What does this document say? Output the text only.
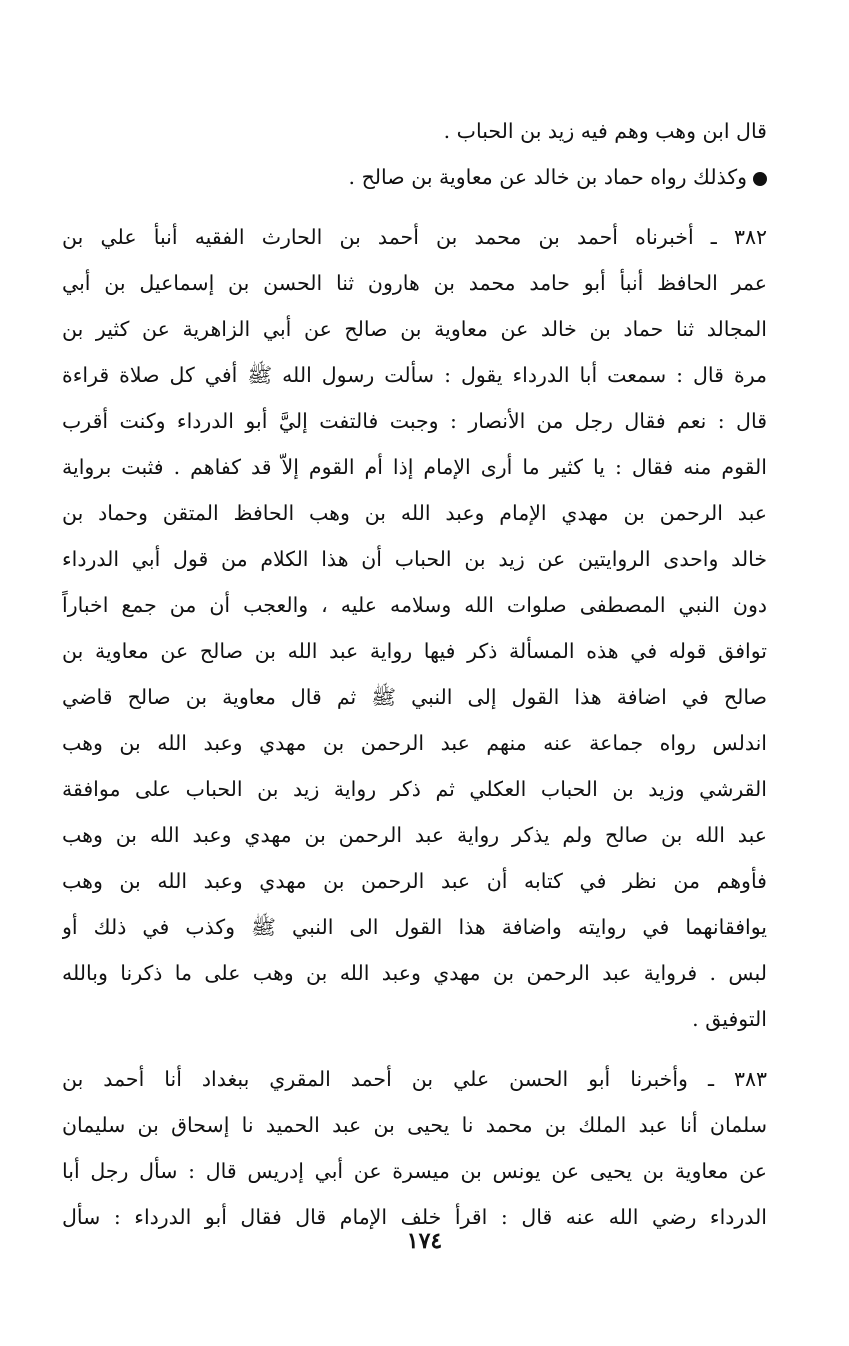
قال ابن وهب وهم فيه زيد بن الحباب .
وكذلك رواه حماد بن خالد عن معاوية بن صالح .
٣٨٢ ـ أخبرناه أحمد بن محمد بن أحمد بن الحارث الفقيه أنبأ علي بن
عمر الحافظ أنبأ أبو حامد محمد بن هارون ثنا الحسن بن إسماعيل بن أبي
المجالد ثنا حماد بن خالد عن معاوية بن صالح عن أبي الزاهرية عن كثير بن
مرة قال : سمعت أبا الدرداء يقول : سألت رسول الله ﷺ أفي كل صلاة قراءة
قال : نعم فقال رجل من الأنصار : وجبت فالتفت إليَّ أبو الدرداء وكنت أقرب
القوم منه فقال : يا كثير ما أرى الإمام إذا أم القوم إلاّ قد كفاهم . فثبت برواية
عبد الرحمن بن مهدي الإمام وعبد الله بن وهب الحافظ المتقن وحماد بن
خالد واحدى الروايتين عن زيد بن الحباب أن هذا الكلام من قول أبي الدرداء
دون النبي المصطفى صلوات الله وسلامه عليه ، والعجب أن من جمع اخباراً
توافق قوله في هذه المسألة ذكر فيها رواية عبد الله بن صالح عن معاوية بن
صالح في اضافة هذا القول إلى النبي ﷺ ثم قال معاوية بن صالح قاضي
اندلس رواه جماعة عنه منهم عبد الرحمن بن مهدي وعبد الله بن وهب
القرشي وزيد بن الحباب العكلي ثم ذكر رواية زيد بن الحباب على موافقة
عبد الله بن صالح ولم يذكر رواية عبد الرحمن بن مهدي وعبد الله بن وهب
فأوهم من نظر في كتابه أن عبد الرحمن بن مهدي وعبد الله بن وهب
يوافقانهما في روايته واضافة هذا القول الى النبي ﷺ وكذب في ذلك أو
لبس . فرواية عبد الرحمن بن مهدي وعبد الله بن وهب على ما ذكرنا وبالله
التوفيق .
٣٨٣ ـ وأخبرنا أبو الحسن علي بن أحمد المقري ببغداد أنا أحمد بن
سلمان أنا عبد الملك بن محمد نا يحيى بن عبد الحميد نا إسحاق بن سليمان
عن معاوية بن يحيى عن يونس بن ميسرة عن أبي إدريس قال : سأل رجل أبا
الدرداء رضي الله عنه قال : اقرأ خلف الإمام قال فقال أبو الدرداء : سأل
١٧٤
